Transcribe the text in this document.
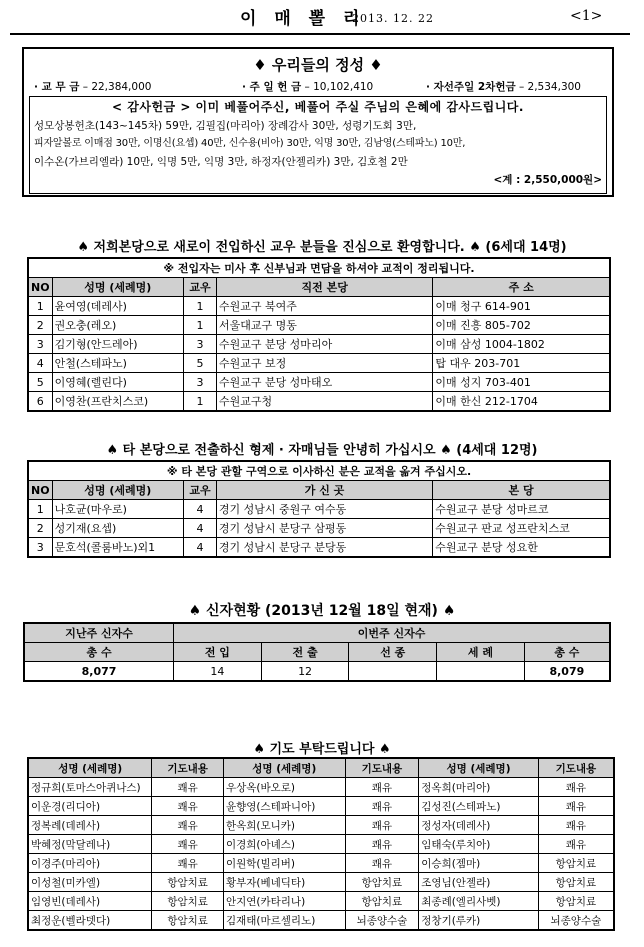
이 매 뽈 리
2013. 12. 22	<1>
♦ 우리들의 정성 ♦
· 교 무 금 – 22,384,000	· 주 일 헌 금 – 10,102,410	· 자선주일 2차헌금 – 2,534,300
< 감사헌금 > 이미 베풀어주신, 베풀어 주실 주님의 은혜에 감사드립니다.
성모상봉헌초(143~145차) 59만, 김필집(마리아) 장례감사 30만, 성령기도회 3만,
피자알볼로 이매점 30만, 이명신(요셉) 40만, 신수용(비아) 30만, 익명 30만, 김남영(스테파노) 10만,
이수온(가브리엘라) 10만, 익명 5만, 익명 3만, 하정자(안젤리카) 3만, 김호철 2만
<계 : 2,550,000원>
♠ 저희본당으로 새로이 전입하신 교우 분들을 진심으로 환영합니다. ♠ (6세대 14명)
※ 전입자는 미사 후 신부님과 면담을 하셔야 교적이 정리됩니다.				
NO	성명 (세례명)	교우	직전 본당	주 소
1	윤여영(데레사)	1	수원교구 북여주	이매 청구 614-901
2	권오충(레오)	1	서울대교구 명동	이매 진흥 805-702
3	김기형(안드레아)	3	수원교구 분당 성마리아	이매 삼성 1004-1802
4	안철(스테파노)	5	수원교구 보정	탑 대우 203-701
5	이영혜(렐린다)	3	수원교구 분당 성마태오	이매 성지 703-401
6	이영찬(프란치스코)	1	수원교구청	이매 한신 212-1704
♠ 타 본당으로 전출하신 형제 · 자매님들 안녕히 가십시오 ♠ (4세대 12명)
※ 타 본당 관할 구역으로 이사하신 분은 교적을 옮겨 주십시오.				
NO	성명 (세례명)	교우	가 신 곳	본 당
1	나호균(마우로)	4	경기 성남시 중원구 여수동	수원교구 분당 성마르코
2	성기재(요셉)	4	경기 성남시 분당구 삼평동	수원교구 판교 성프란치스코
3	문호석(콜룸바노)외1	4	경기 성남시 분당구 분당동	수원교구 분당 성요한
♠ 신자현황 (2013년 12월 18일 현재) ♠
지난주 신자수	이번주 신자수				
총 수	전 입	전 출	선 종	세 례	총 수
8,077	14	12			8,079
♠ 기도 부탁드립니다 ♠
성명 (세례명)	기도내용	성명 (세례명)	기도내용	성명 (세례명)	기도내용
정규희(토마스아퀴나스)	쾌유	우상옥(바오로)	쾌유	정옥희(마리아)	쾌유
이운경(리디아)	쾌유	윤향영(스테파니아)	쾌유	김성진(스테파노)	쾌유
정복례(데레사)	쾌유	한옥희(모니카)	쾌유	정성자(데레사)	쾌유
박혜정(막달레나)	쾌유	이경희(아녜스)	쾌유	임태숙(루치아)	쾌유
이경주(마리아)	쾌유	이원학(빌리버)	쾌유	이승희(젬마)	항암치료
이성철(미카엘)	항암치료	황부자(베네딕타)	항암치료	조영님(안젤라)	항암치료
임영빈(데레사)	항암치료	안지연(카타리나)	항암치료	최종례(엘리사벳)	항암치료
최정운(벨라뎃다)	항암치료	김재태(마르셀리노)	뇌종양수술	정창기(루카)	뇌종양수술
